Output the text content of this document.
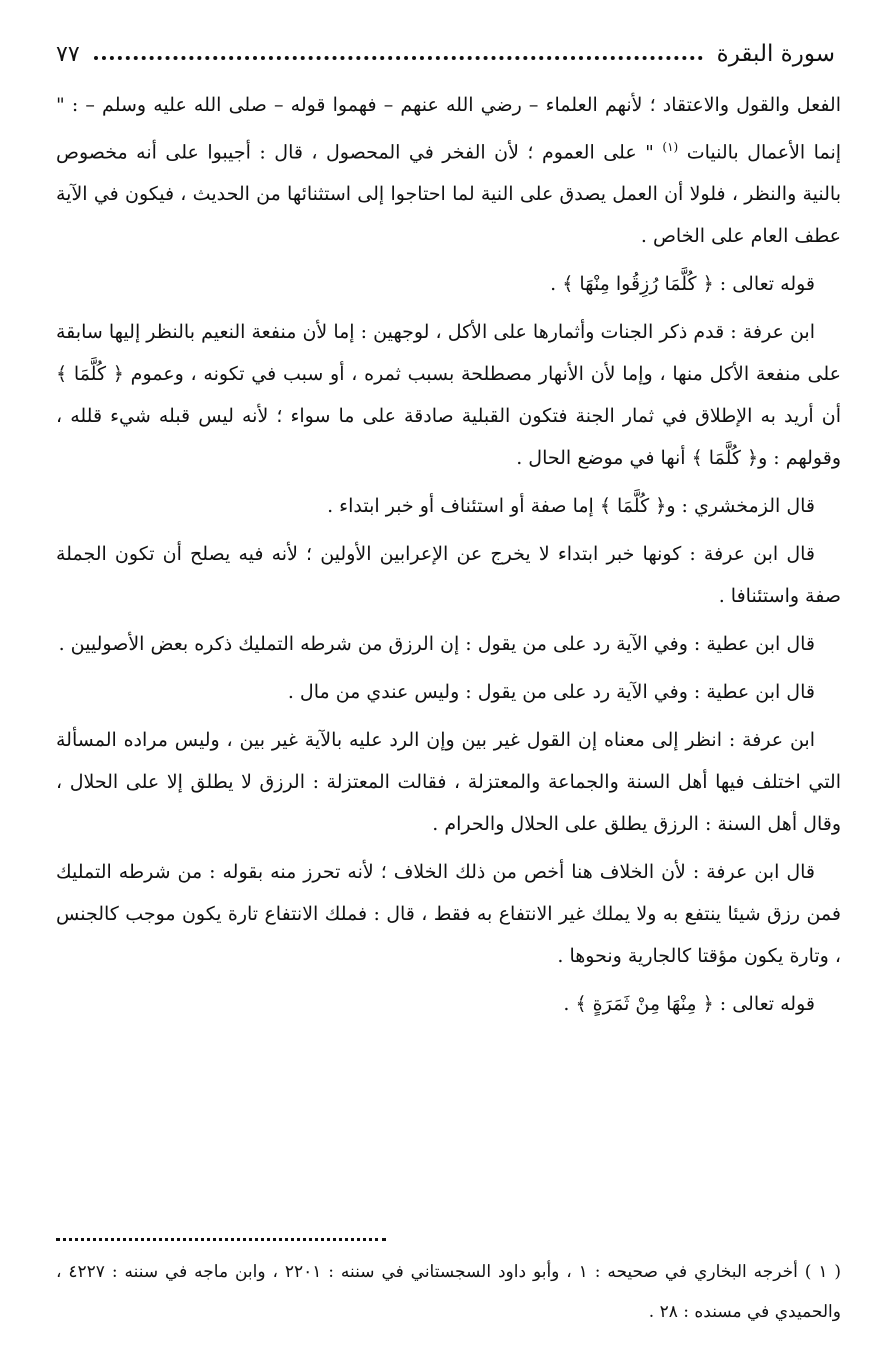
سورة البقرة
٧٧

الفعل والقول والاعتقاد ؛ لأنهم العلماء – رضي الله عنهم – فهموا قوله – صلى الله عليه وسلم – : " إنما الأعمال بالنيات $^{(١)}$ " على العموم ؛ لأن الفخر في المحصول ، قال : أجيبوا على أنه مخصوص بالنية والنظر ، فلولا أن العمل يصدق على النية لما احتاجوا إلى استثنائها من الحديث ، فيكون في الآية عطف العام على الخاص .

قوله تعالى : ﴿ كُلَّمَا رُزِقُوا مِنْهَا ﴾ .

ابن عرفة : قدم ذكر الجنات وأثمارها على الأكل ، لوجهين : إما لأن منفعة النعيم بالنظر إليها سابقة على منفعة الأكل منها ، وإما لأن الأنهار مصطلحة بسبب ثمره ، أو سبب في تكونه ، وعموم ﴿ كُلَّمَا ﴾ أن أريد به الإطلاق في ثمار الجنة فتكون القبلية صادقة على ما سواء ؛ لأنه ليس قبله شيء قلله ، وقولهم : و﴿ كُلَّمَا ﴾ أنها في موضع الحال .

قال الزمخشري : و﴿ كُلَّمَا ﴾ إما صفة أو استئناف أو خبر ابتداء .

قال ابن عرفة : كونها خبر ابتداء لا يخرج عن الإعرابين الأولين ؛ لأنه فيه يصلح أن تكون الجملة صفة واستئنافا .

قال ابن عطية : وفي الآية رد على من يقول : إن الرزق من شرطه التمليك ذكره بعض الأصوليين .

قال ابن عطية : وفي الآية رد على من يقول : وليس عندي من مال .

ابن عرفة : انظر إلى معناه إن القول غير بين وإن الرد عليه بالآية غير بين ، وليس مراده المسألة التي اختلف فيها أهل السنة والجماعة والمعتزلة ، فقالت المعتزلة : الرزق لا يطلق إلا على الحلال ، وقال أهل السنة : الرزق يطلق على الحلال والحرام .

قال ابن عرفة : لأن الخلاف هنا أخص من ذلك الخلاف ؛ لأنه تحرز منه بقوله : من شرطه التمليك فمن رزق شيئا ينتفع به ولا يملك غير الانتفاع به فقط ، قال : فملك الانتفاع تارة يكون موجب كالجنس ، وتارة يكون مؤقتا كالجارية ونحوها .

قوله تعالى : ﴿ مِنْهَا مِنْ ثَمَرَةٍ ﴾ .

( ١ ) أخرجه البخاري في صحيحه : ١ ، وأبو داود السجستاني في سننه : ٢٢٠١ ، وابن ماجه في سننه : ٤٢٢٧ ، والحميدي في مسنده : ٢٨ .
